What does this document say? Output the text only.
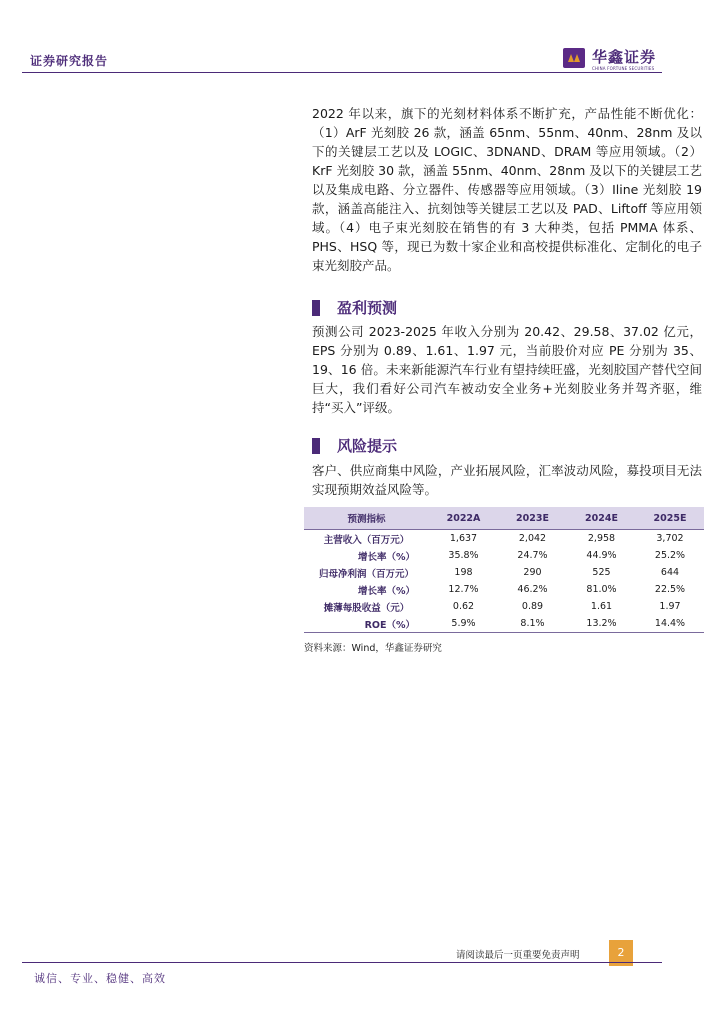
证券研究报告	华鑫证券
CHINA FORTUNE SECURITIES

2022 年以来，旗下的光刻材料体系不断扩充，产品性能不断优化：（1）ArF 光刻胶 26 款，涵盖 65nm、55nm、40nm、28nm 及以下的关键层工艺以及 LOGIC、3DNAND、DRAM 等应用领域。（2）KrF 光刻胶 30 款，涵盖 55nm、40nm、28nm 及以下的关键层工艺以及集成电路、分立器件、传感器等应用领域。（3）Iline 光刻胶 19 款，涵盖高能注入、抗刻蚀等关键层工艺以及 PAD、Liftoff 等应用领域。（4）电子束光刻胶在销售的有 3 大种类，包括 PMMA 体系、PHS、HSQ 等，现已为数十家企业和高校提供标准化、定制化的电子束光刻胶产品。

盈利预测

预测公司 2023-2025 年收入分别为 20.42、29.58、37.02 亿元，EPS 分别为 0.89、1.61、1.97 元，当前股价对应 PE 分别为 35、19、16 倍。未来新能源汽车行业有望持续旺盛，光刻胶国产替代空间巨大，我们看好公司汽车被动安全业务+光刻胶业务并驾齐驱，维持“买入”评级。

风险提示

客户、供应商集中风险，产业拓展风险，汇率波动风险，募投项目无法实现预期效益风险等。

预测指标	2022A	2023E	2024E	2025E
主营收入（百万元）	1,637	2,042	2,958	3,702
增长率（%）	35.8%	24.7%	44.9%	25.2%
归母净利润（百万元）	198	290	525	644
增长率（%）	12.7%	46.2%	81.0%	22.5%
摊薄每股收益（元）	0.62	0.89	1.61	1.97
ROE（%）	5.9%	8.1%	13.2%	14.4%
资料来源：Wind，华鑫证券研究
请阅读最后一页重要免责声明	2
诚信、专业、稳健、高效
